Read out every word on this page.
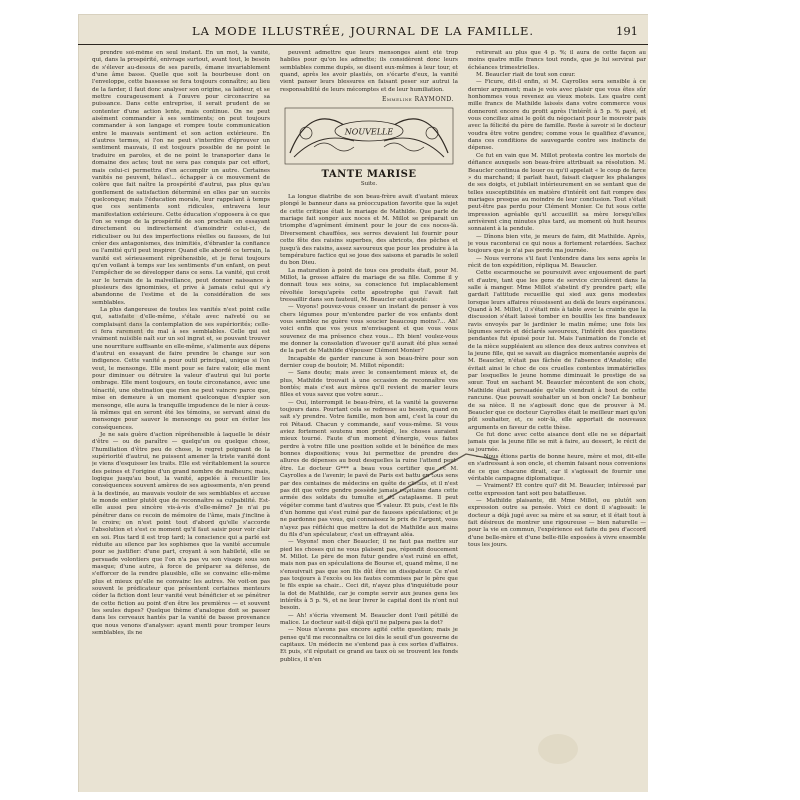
LA MODE ILLUSTRÉE, JOURNAL DE LA FAMILLE.	191

prendre soi-même en seul instant. En un mot, la vanité, qui, dans la prospérité, enivrage surtout, avant tout, le besoin de s'élever au-dessus de ses pareils, émane invariablement d'une âme basse. Quelle que soit la bourbeuse dont on l'enveloppe, cette bassesse se fera toujours connaître; au lieu de la farder, il faut donc analyser son origine, sa laideur, et se mettre courageusement à l'œuvre pour circonscrire sa puissance. Dans cette entreprise, il serait prudent de se contenter d'une action lente, mais continue. On ne peut aisément commander à ses sentiments; on peut toujours commander à son langage et rompre toute communication entre le mauvais sentiment et son action extérieure. En d'autres termes, si l'on ne peut s'interdire d'éprouver un sentiment mauvais, il est toujours possible de ne point le traduire en paroles, et de ne point le transporter dans le domaine des actes; tout ne sera pas conquis par cet effort, mais celui-ci permettra d'en accomplir un autre. Certaines vanités ne peuvent, hélas!... échapper à ce mouvement de colère que fait naître la prospérité d'autrui, pas plus qu'au gonflement de satisfaction déterminé en elles par un succès quelconque; mais l'éducation morale, leur rappelant à temps que ces sentiments sont ridicules, entravera leur manifestation extérieure. Cette éducation s'opposera à ce que l'on se venge de la prospérité de son prochain en essayant directement ou indirectement d'amoindrir celui-ci, de ridiculiser ou lui des imperfections réelles ou fausses, de lui créer des antagonismes, des inimitiés, d'ébranler la confiance ou l'amitié qu'il peut inspirer. Quand elle abordé ce terrain, la vanité est sérieusement répréhensible, et je ferai toujours qu'en voilant à temps sur les sentiments d'un enfant, on peut l'empêcher de se développer dans ce sens. La vanité, qui croit sur le terrain de la malveillance, peut donner naissance à plusieurs des ignominies, et prive à jamais celui qui s'y abandonne de l'estime et de la considération de ses semblables.

La plus dangereuse de toutes les vanités n'est point celle qui, satisfaite d'elle-même, s'étale avec naïveté ou se complaisant dans la contemplation de ses supériorités; celle-ci fera rarement du mal à ses semblables. Celle qui est vraiment nuisible naît sur un sol ingrat et, se pouvant trouver une nourriture suffisante en elle-même, s'alimente aux dépens d'autrui en essayant de faire prendre le change sur son indigence. Cette vanité a pour outil principal, unique si l'on veut, le mensonge. Elle ment pour se faire valoir, elle ment pour diminuer ou détruire la valeur d'autrui qui lui porte ombrage. Elle ment toujours, en toute circonstance, avec une ténacité, une obstination que rien ne peut vaincre parce que, mise en demeure à un moment quelconque d'expier son mensonge, elle aura la tranquille impudence de le nier à ceux-là mêmes qui en seront été les témoins, se servant ainsi du mensonge pour sauver le mensonge ou pour en éviter les conséquences.

Je ne sais guère d'action répréhensible à laquelle le désir d'être — ou de paraître — quelqu'un ou quelque chose, l'humiliation d'être peu de chose, le regret poignant de la supériorité d'autrui, ne puissent amener la triste vanité dont je viens d'esquisser les traits. Elle est véritablement la source des peines et l'origine d'un grand nombre de malheurs; mais, logique jusqu'au bout, la vanité, appelée à recueillir les conséquences souvent amères de ses agissements, n'en prend à la destinée, au mauvais vouloir de ses semblables et accuse le monde entier plutôt que de reconnaître sa culpabilité. Est-elle aussi peu sincère vis-à-vis d'elle-même? Je n'ai pu pénétrer dans ce recoin de mémoire de l'âme, mais j'incline à le croire; on n'est point tout d'abord qu'elle s'accorde l'absolution et s'est ce moment qu'il faut saisir pour voir clair en soi. Plus tard il est trop tard; la conscience qui a parlé est réduite au silence par les sophismes que la vanité accumule pour se justifier: d'une part, croyant à son habileté, elle se persuade volontiers que l'on n'a pas vu son visage sous son masque; d'une autre, à force de préparer sa défense, de s'efforcer de la rendre plausible, elle se convainc elle-même plus et mieux qu'elle ne convainc les autres. Ne voit-on pas souvent le prédicateur que présentent certaines menteurs céder la fiction dont leur vanité veut bénéficier et se pénétrer de cette fiction au point d'en être les premières — et souvent les seules dupes? Quelque thème d'analogue doit se passer dans les cerveaux hantés par la vanité de basse provenance que nous venons d'analyser: ayant menti pour tromper leurs semblables, ils ne

peuvent admettre que leurs mensonges aient été trop habiles pour qu'on les admette; ils considèrent donc leurs semblables comme dupés, se disent eux-mêmes à leur tour, et quand, après les avoir plastiés, on s'écarte d'eux, la vanité vient panser leurs blessures en faisant peser sur autrui la responsabilité de leurs mécomptes et de leur humiliation.

Emmeline RAYMOND.
NOUVELLE
TANTE MARISE
Suite.

La longue diatribe de son beau-frère avait d'autant mieux plongé le banneur dans sa préoccupation favorite que la sujet de cette critique était le mariage de Mathilde. Que parle de mariage fait songer aux noces et M. Millot se préparait un triomphe d'agrément éminent pour le jour de ces noces-là. Diversement chauffées, ses serres devaient lui fournir pour cette fête des raisins superbes, des abricots, des pêches et jusqu'à des raisins, assez savoureux que pour les produire à la température factice qui se joue des saisons et paradis le soleil du bon Dieu.

La maturation à point de tous ces produits était, pour M. Millot, la grosse affaire du mariage de sa fille. Comme il y donnait tous ses soins, sa conscience fut implacablement révoltée lorsqu'après cette apostrophe qui l'avait fait tressaillir dans son fauteuil, M. Beaucler eut ajouté:

— Voyons! pouvez-vous cesser un instant de penser à vos chers légumes pour m'entendre parler de vos enfants dont vous semblez ne guère vous soucier beaucoup moins?... Ah! voici enfin que vos yeux m'envisagent et que vous vous souvenez de ma présence chez vous... Eh bien! voulez-vous me donner la consolation d'avouer qu'il aurait été plus sensé de la part de Mathilde d'épouser Clément Monier?

Incapable de garder rancune à son beau-frère pour son dernier coup de boutoir, M. Millot répondit:

— Sans doute; mais avec le consentement mieux et, de plus, Mathilde trouvait à une occasion de reconnaître vos bontés; mais c'est aux mères qu'il revient de marier leurs filles et vous savez que votre sœur...

— Oui, interrompit le beau-frère, et la vanité la gouverne toujours dans. Pourtant cela se redresse au besoin, quand on sait s'y prendre. Votre famille, mon bon ami, c'est la cour du roi Pétaud. Chacun y commande, sauf vous-même. Si vous aviez fortement soutenu mon protégé, les choses auraient mieux tourné. Faute d'un moment d'énergie, vous faites perdre à votre fille une position solide et le bénéfice de mes bonnes dispositions; vous lui permettez de prendre des allures de dépenses au bout desquelles la ruine l'attend peut-être. Le docteur G*** a beau vous certifier que ce M. Cayrolles a de l'avenir; le pavé de Paris est battu en tous sens par des centaines de médecins en quête de clients, et il n'est pas dit que votre gendre possède jamais capitaine dans cette armée des soldats du tumulte et du cataplasme. Il peut végéter comme tant d'autres que le valeur. Et puis, c'est le fils d'un homme qui s'est ruiné par de fausses spéculations; et je ne pardonne pas vous, qui connaissez le prix de l'argent, vous n'ayez pas réfléchi que mettre la dot de Mathilde aux mains du fils d'un spéculateur, c'est un effrayant aléa.

— Voyons! mon cher Beaucler, il ne faut pas mettre sur pied les choses qui ne vous plaisent pas, répondit doucement M. Millot. Le père de mon futur gendre s'est ruiné en effet, mais non pas en spéculations de Bourse et, quand même, il ne s'ensuivrait pas que son fils dût être un dissipateur. Ce n'est pas toujours à l'excès ou les fautes commises par le père que le fils expie sa chair... Ceci dit, n'ayez plus d'inquiétude pour la dot de Mathilde, car je compte servir aux jeunes gens les intérêts à 5 p. %, et ne leur livrer le capital dont ils n'ont nul besoin.

— Ah! s'écria vivement M. Beaucler dont l'œil pétillé de malice. Le docteur sait-il déjà qu'il ne palpera pas la dot?

— Nous n'avons pas encore agité cette question; mais je pense qu'il me reconnaîtra ce loi dès le seuil d'un gouverne de capitaux. Un médecin ne s'entend pas à ces sortes d'affaires. Et puis, s'il réputait ce grand au taux où se trouvent les fonds publics, il n'en

retirerait au plus que 4 p. %; il aura de cette façon au moins quatre mille francs tout ronds, que je lui servirai par échéances trimestrielles.

M. Beaucler riait de tout son cœur.

— Ficure, dit-il enfin, si M. Cayrolles sera sensible à ce dernier argument; mais je vois avec plaisir que vous êtes sûr honhommes vous revenez au vieux moteis. Les quatre cent mille francs de Mathilde laissés dans votre commerce vous donneront encore du profit après l'intérêt à 5 p. % payé, et vous conciliez ainsi le goût du négociant pour le mouvoir pais avec la félicité du père de famille. Reste à savoir si le docteur voudra être votre gendre; comme vous le qualifiez d'avance, dans ces conditions de sauvegarde contre ses instincts de dépense.

Ce fut en vain que M. Millot protesta contre les mortels de défiance auxquels son beau-frère attribuait sa résolution. M. Beaucler continua de louer ou qu'il appelait « le coup de farce » du marchand; il parlait haut, faisait claquer les phalanges de ses doigts, et jubilait intérieurement en se sentant que de telles susceptibilités en matière d'intérêt ont fait rompre des mariages presque au moindre de leur conclusion. Tout s'était peut-être pas perdu pour Clément Monier. Ce fut sous cette impression agréable qu'il accueillit sa mère lorsqu'elles arrivèrent cinq minutes plus tard, au moment où huit heures sonnaient à la pendule.

— Dînons bien vite, je meurs de faim, dit Mathilde. Après, je vous raconterai ce qui nous a fortement retardées. Sachez toujours que je n'ai pas perdu ma journée.

— Nous verrons s'il faut l'entendre dans les sens après le récit de ton expédition, répliqua M. Beaucler.

Cette escarmouche se poursuivit avec enjouement de part et d'autre, tant que les gens de service circulèrent dans la salle à manger. Mme Millot s'abstint d'y prendre part; elle gardait l'attitude recueillie qui sied aux gens modestes lorsque leurs affaires réussissent au delà de leurs espérances. Quand à M. Millot, il s'était mis à table avec la crainte que la discussion s'était laissé tomber en bouillis les fins bandeaux ravis envoyés par le jardinier le matin même; une fois les légumes servis et déclarés savoureux, l'intérêt des questions pendantes fut épuisé pour lui. Mais l'animation de l'oncle et de la nièce suppléaient au silence des deux autres convives et la jeune fille, qui se savait au diagrâce momentanée auprès de M. Beaucler, n'était pas fâchée de l'absence d'Anatole; elle évitait ainsi le choc de ces cruelles contentes immatérielles par lesquelles le jeune homme diminuait le prestige de sa sœur. Tout en sachant M. Beaucler mécontent de son choix, Mathilde était persuadée qu'elle viendrait à bout de cette rancune. Que pouvait souhaiter un si bon oncle? Le bonheur de sa nièce. Il ne s'agissait donc que de prouver à M. Beaucler que ce docteur Cayrolles était le meilleur mari qu'on pût souhaiter, et, ce soir-là, elle apportait de nouveaux arguments en faveur de cette thèse.

Ce fut donc avec cette aisance dont elle ne se départait jamais que la jeune fille se mit à faire, au dessert, le récit de sa journée.

— Nous étions partis de bonne heure, mère et moi, dit-elle en s'adressant à son oncle, et chemin faisant nous convenions de ce que chacune dirait, car il s'agissait de fournir une véritable campagne diplomatique.

— Vraiment? Et contre qui? dit M. Beaucler, intéressé par cette expression tant soit peu batailleuse.

— Mathilde plaisante, dit Mme Millot, ou plutôt son expression outre sa pensée. Voici ce dont il s'agissait: le docteur a déjà jugé avec sa mère et sa sœur, et il était tout à fait désireux de montrer une rigoureuse — bien naturelle — pour la vie en commun, l'expérience est faite du peu d'accord d'une belle-mère et d'une belle-fille exposées à vivre ensemble tous les jours.
